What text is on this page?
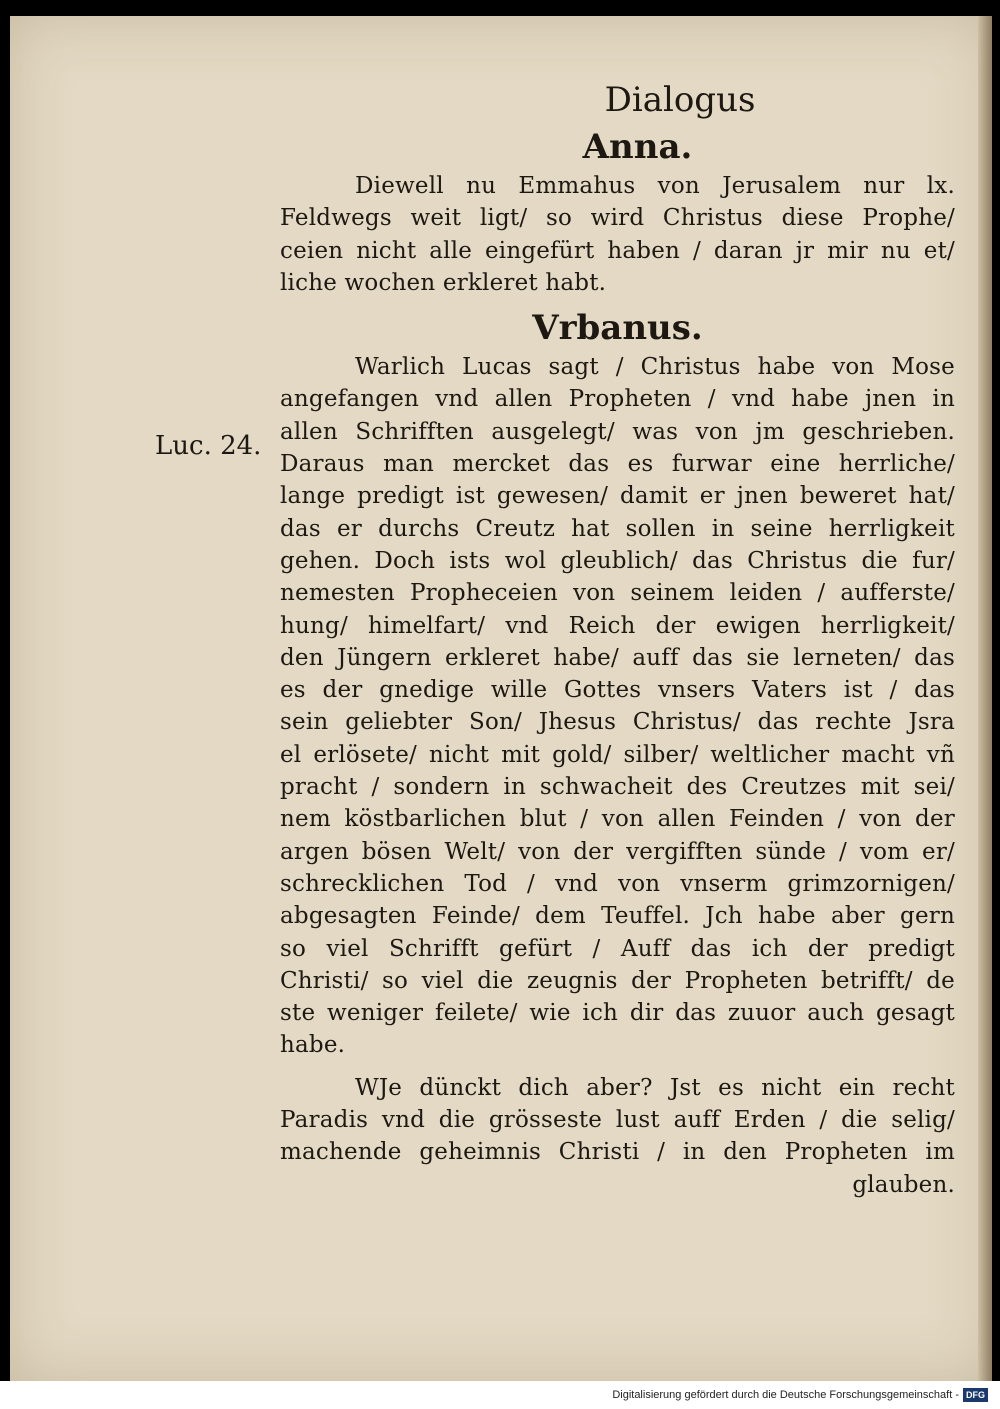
Luc. 24.
Dialogus
Anna.
Diewell nu Emmahus von Jerusalem nur lx.
Feldwegs weit ligt/ so wird Christus diese Prophe/
ceien nicht alle eingefürt haben / daran jr mir nu et/
liche wochen erkleret habt.
Vrbanus.
Warlich Lucas sagt / Christus habe von Mose
angefangen vnd allen Propheten / vnd habe jnen in
allen Schrifften ausgelegt/ was von jm geschrieben.
Daraus man mercket das es furwar eine herrliche/
lange predigt ist gewesen/ damit er jnen beweret hat/
das er durchs Creutz hat sollen in seine herrligkeit
gehen. Doch ists wol gleublich/ das Christus die fur/
nemesten Propheceien von seinem leiden / aufferste/
hung/ himelfart/ vnd Reich der ewigen herrligkeit/
den Jüngern erkleret habe/ auff das sie lerneten/ das
es der gnedige wille Gottes vnsers Vaters ist / das
sein geliebter Son/ Jhesus Christus/ das rechte Jsra
el erlösete/ nicht mit gold/ silber/ weltlicher macht vñ
pracht / sondern in schwacheit des Creutzes mit sei/
nem köstbarlichen blut / von allen Feinden / von der
argen bösen Welt/ von der vergifften sünde / vom er/
schrecklichen Tod / vnd von vnserm grimzornigen/
abgesagten Feinde/ dem Teuffel. Jch habe aber gern
so viel Schrifft gefürt / Auff das ich der predigt
Christi/ so viel die zeugnis der Propheten betrifft/ de
ste weniger feilete/ wie ich dir das zuuor auch gesagt
habe.
WJe dünckt dich aber? Jst es nicht ein recht
Paradis vnd die grösseste lust auff Erden / die selig/
machende geheimnis Christi / in den Propheten im
glauben.
Digitalisierung gefördert durch die Deutsche Forschungsgemeinschaft - DFG
